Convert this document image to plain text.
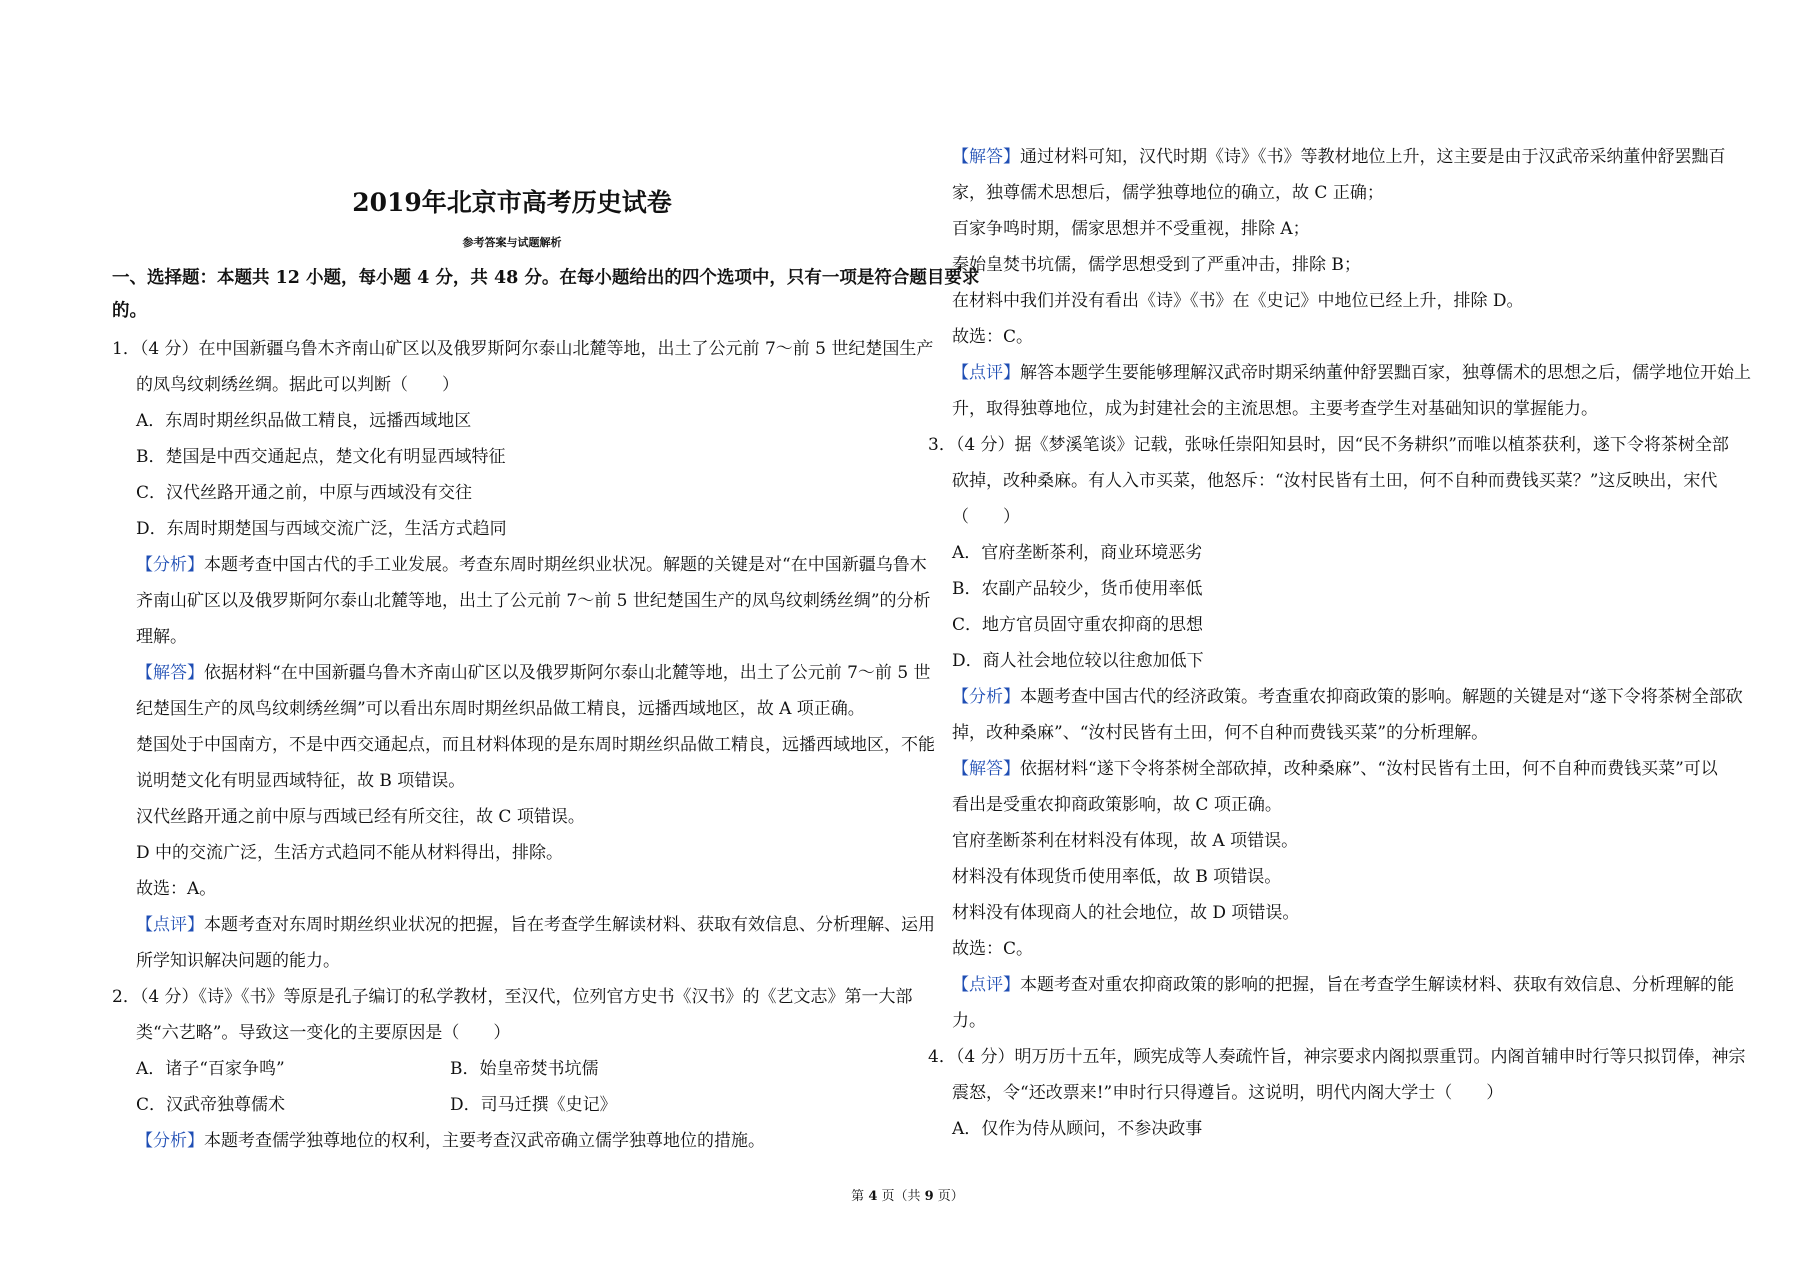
2019年北京市高考历史试卷
参考答案与试题解析
一、选择题：本题共 12 小题，每小题 4 分，共 48 分。在每小题给出的四个选项中，只有一项是符合题目要求
的。
1．（4 分）在中国新疆乌鲁木齐南山矿区以及俄罗斯阿尔泰山北麓等地，出土了公元前 7～前 5 世纪楚国生产
的凤鸟纹刺绣丝绸。据此可以判断（　　）
A．东周时期丝织品做工精良，远播西域地区
B．楚国是中西交通起点，楚文化有明显西域特征
C．汉代丝路开通之前，中原与西域没有交往
D．东周时期楚国与西域交流广泛，生活方式趋同
【分析】本题考查中国古代的手工业发展。考查东周时期丝织业状况。解题的关键是对“在中国新疆乌鲁木
齐南山矿区以及俄罗斯阿尔泰山北麓等地，出土了公元前 7～前 5 世纪楚国生产的凤鸟纹刺绣丝绸”的分析
理解。
【解答】依据材料“在中国新疆乌鲁木齐南山矿区以及俄罗斯阿尔泰山北麓等地，出土了公元前 7～前 5 世
纪楚国生产的凤鸟纹刺绣丝绸”可以看出东周时期丝织品做工精良，远播西域地区，故 A 项正确。
楚国处于中国南方，不是中西交通起点，而且材料体现的是东周时期丝织品做工精良，远播西域地区，不能
说明楚文化有明显西域特征，故 B 项错误。
汉代丝路开通之前中原与西域已经有所交往，故 C 项错误。
D 中的交流广泛，生活方式趋同不能从材料得出，排除。
故选：A。
【点评】本题考查对东周时期丝织业状况的把握，旨在考查学生解读材料、获取有效信息、分析理解、运用
所学知识解决问题的能力。
2．（4 分）《诗》《书》等原是孔子编订的私学教材，至汉代，位列官方史书《汉书》的《艺文志》第一大部
类“六艺略”。导致这一变化的主要原因是（　　）
A．诸子“百家争鸣”	B．始皇帝焚书坑儒
C．汉武帝独尊儒术	D．司马迁撰《史记》
【分析】本题考查儒学独尊地位的权利，主要考查汉武帝确立儒学独尊地位的措施。
【解答】通过材料可知，汉代时期《诗》《书》等教材地位上升，这主要是由于汉武帝采纳董仲舒罢黜百
家，独尊儒术思想后，儒学独尊地位的确立，故 C 正确；
百家争鸣时期，儒家思想并不受重视，排除 A；
秦始皇焚书坑儒，儒学思想受到了严重冲击，排除 B；
在材料中我们并没有看出《诗》《书》在《史记》中地位已经上升，排除 D。
故选：C。
【点评】解答本题学生要能够理解汉武帝时期采纳董仲舒罢黜百家，独尊儒术的思想之后，儒学地位开始上
升，取得独尊地位，成为封建社会的主流思想。主要考查学生对基础知识的掌握能力。
3．（4 分）据《梦溪笔谈》记载，张咏任崇阳知县时，因“民不务耕织”而唯以植茶获利，遂下令将茶树全部
砍掉，改种桑麻。有人入市买菜，他怒斥：“汝村民皆有土田，何不自种而费钱买菜？”这反映出，宋代
（　　）
A．官府垄断茶利，商业环境恶劣
B．农副产品较少，货币使用率低
C．地方官员固守重农抑商的思想
D．商人社会地位较以往愈加低下
【分析】本题考查中国古代的经济政策。考查重农抑商政策的影响。解题的关键是对“遂下令将茶树全部砍
掉，改种桑麻”、“汝村民皆有土田，何不自种而费钱买菜”的分析理解。
【解答】依据材料“遂下令将茶树全部砍掉，改种桑麻”、“汝村民皆有土田，何不自种而费钱买菜”可以
看出是受重农抑商政策影响，故 C 项正确。
官府垄断茶利在材料没有体现，故 A 项错误。
材料没有体现货币使用率低，故 B 项错误。
材料没有体现商人的社会地位，故 D 项错误。
故选：C。
【点评】本题考查对重农抑商政策的影响的把握，旨在考查学生解读材料、获取有效信息、分析理解的能
力。
4．（4 分）明万历十五年，顾宪成等人奏疏忤旨，神宗要求内阁拟票重罚。内阁首辅申时行等只拟罚俸，神宗
震怒，令“还改票来!”申时行只得遵旨。这说明，明代内阁大学士（　　）
A．仅作为侍从顾问，不参决政事
第 4 页（共 9 页）
